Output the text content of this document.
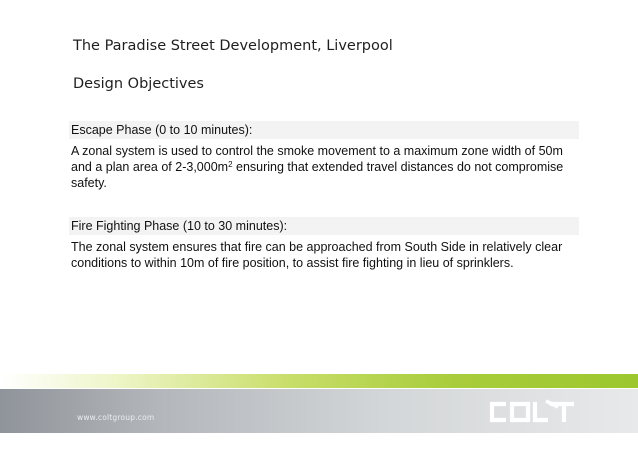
The Paradise Street Development, Liverpool
Design Objectives

Escape Phase (0 to 10 minutes):

A zonal system is used to control the smoke movement to a maximum zone width of 50m and a plan area of $2-3,000m^2$ ensuring that extended travel distances do not compromise safety.

Fire Fighting Phase (10 to 30 minutes):

The zonal system ensures that fire can be approached from South Side in relatively clear conditions to within 10m of fire position, to assist fire fighting in lieu of sprinklers.

www.coltgroup.com	COLT
